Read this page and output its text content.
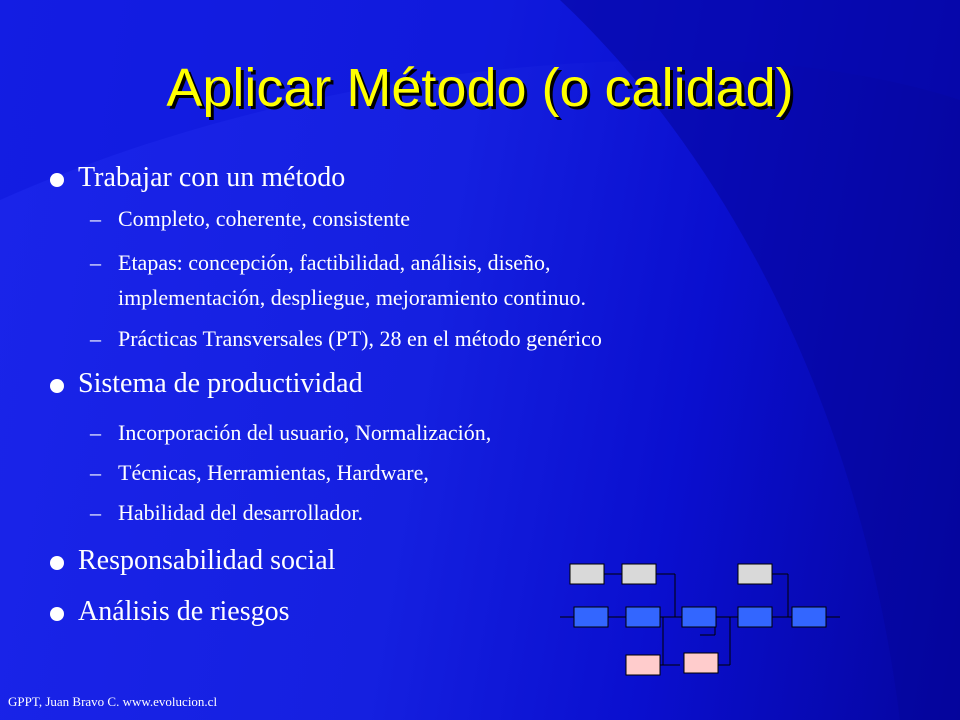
Aplicar Método (o calidad)
Trabajar con un método
– Completo, coherente, consistente
– Etapas: concepción, factibilidad, análisis, diseño,
implementación, despliegue, mejoramiento continuo.
– Prácticas Transversales (PT), 28 en el método genérico
Sistema de productividad
– Incorporación del usuario, Normalización,
– Técnicas, Herramientas, Hardware,
– Habilidad del desarrollador.
Responsabilidad social
Análisis de riesgos
GPPT, Juan Bravo C. www.evolucion.cl
